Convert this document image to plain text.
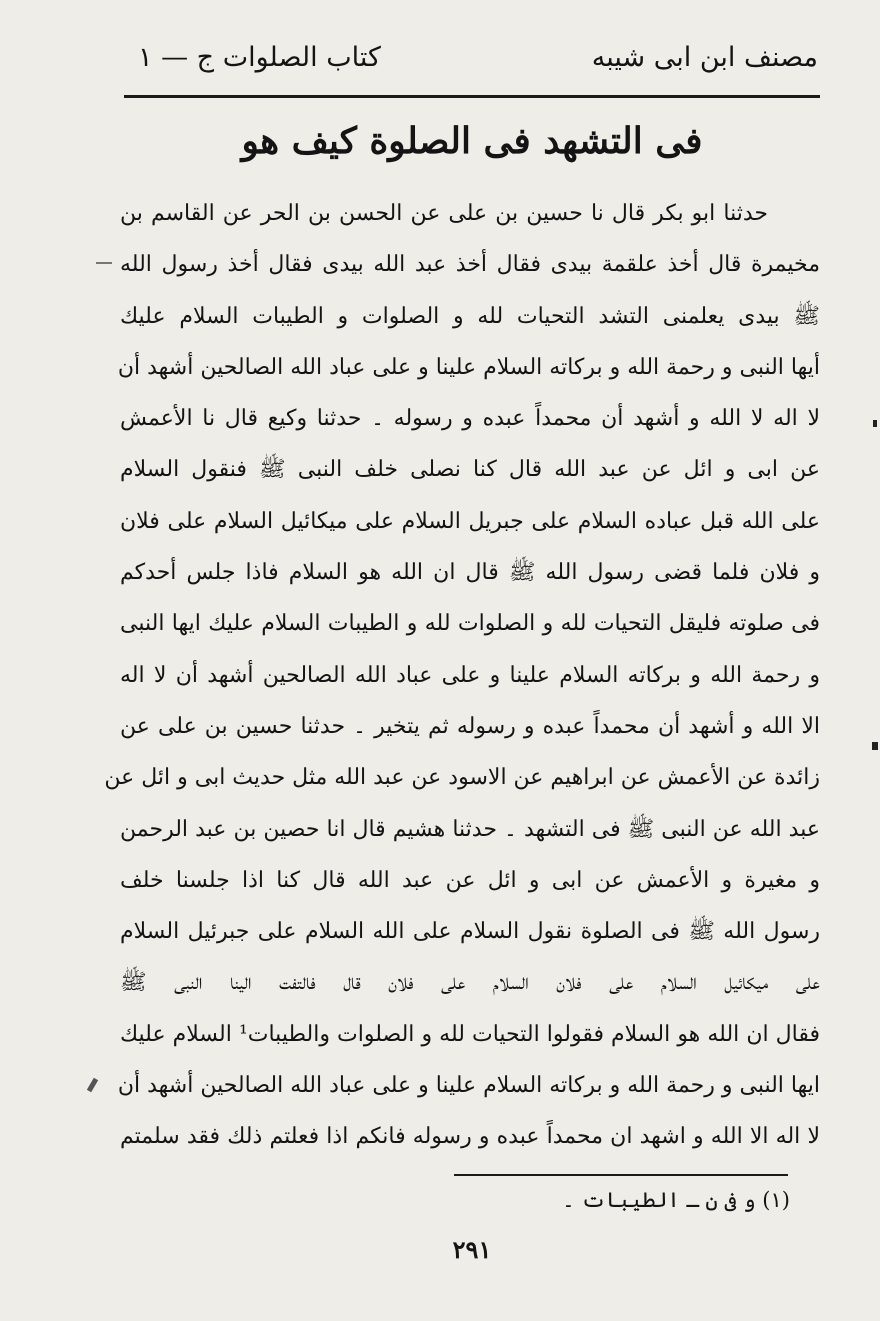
مصنف ابن ابی شیبه
كتاب الصلوات ج — ١
فی التشهد فی الصلوة كیف هو
حدثنا ابو بكر قال نا حسین بن علی عن الحسن بن الحر عن القاسم بن
مخیمرة قال أخذ علقمة بیدی فقال أخذ عبد الله بیدی فقال أخذ رسول الله
ﷺ بیدی یعلمنی التشد التحیات لله و الصلوات و الطیبات السلام علیك
أیها النبی و رحمة الله و بركاته السلام علینا و علی عباد الله الصالحین أشهد أن
لا اله لا الله و أشهد أن محمداً عبده و رسوله ۔ حدثنا وكیع قال نا الأعمش
عن ابی و ائل عن عبد الله قال كنا نصلی خلف النبی ﷺ فنقول السلام
علی الله قبل عباده السلام علی جبریل السلام علی میكائیل السلام علی فلان
و فلان فلما قضی رسول الله ﷺ قال ان الله هو السلام فاذا جلس أحدكم
فی صلوته فلیقل التحیات لله و الصلوات لله و الطیبات السلام علیك ایها النبی
و رحمة الله و بركاته السلام علینا و علی عباد الله الصالحین أشهد أن لا اله
الا الله و أشهد أن محمداً عبده و رسوله ثم یتخیر ۔ حدثنا حسین بن علی عن
زائدة عن الأعمش عن ابراهیم عن الاسود عن عبد الله مثل حدیث ابی و ائل عن
عبد الله عن النبی ﷺ فی التشهد ۔ حدثنا هشیم قال انا حصین بن عبد الرحمن
و مغیرة و الأعمش عن ابی و ائل عن عبد الله قال كنا اذا جلسنا خلف
رسول الله ﷺ فی الصلوة نقول السلام علی الله السلام علی جبرئیل السلام
علی میكائیل السلام علی فلان السلام علی فلان قال فالتفت الینا النبی ﷺ
فقال ان الله هو السلام فقولوا التحیات لله و الصلوات والطیبات¹ السلام علیك
ایها النبی و رحمة الله و بركاته السلام علینا و علی عباد الله الصالحین أشهد أن
لا اله الا الله و اشهد ان محمداً عبده و رسوله فانكم اذا فعلتم ذلك فقد سلمتم
(١) و فی ن ـ الطیبات ۔
٢٩١
